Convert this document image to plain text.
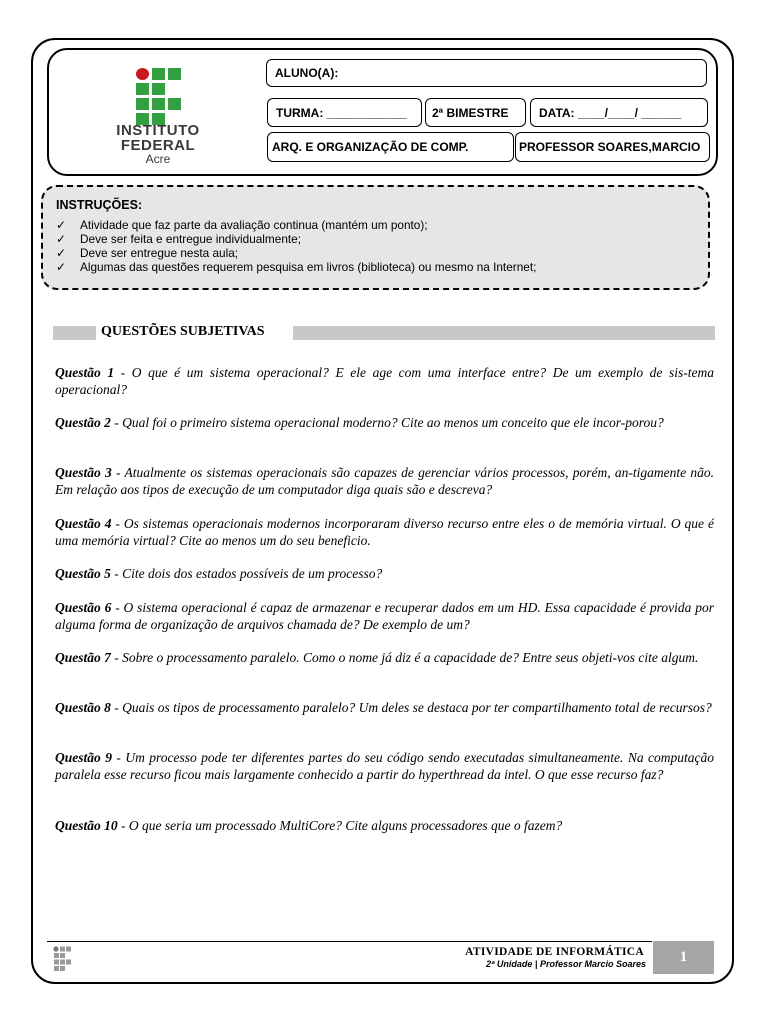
INSTITUTO
FEDERAL
Acre
ALUNO(A):
TURMA: ____________ 2ª BIMESTRE	DATA: ____/____/ ______
ARQ. E ORGANIZAÇÃO DE COMP.	PROFESSOR SOARES,MARCIO
INSTRUÇÕES:
✓ Atividade que faz parte da avaliação continua (mantém um ponto);
✓ Deve ser feita e entregue individualmente;
✓ Deve ser entregue nesta aula;
✓ Algumas das questões requerem pesquisa em livros (biblioteca) ou mesmo na Internet;
QUESTÕES SUBJETIVAS

Questão 1 - O que é um sistema operacional? E ele age com uma interface entre? De um exemplo de sis-tema operacional?

Questão 2 - Qual foi o primeiro sistema operacional moderno? Cite ao menos um conceito que ele incor-porou?

Questão 3 - Atualmente os sistemas operacionais são capazes de gerenciar vários processos, porém, an-tigamente não. Em relação aos tipos de execução de um computador diga quais são e descreva?

Questão 4 - Os sistemas operacionais modernos incorporaram diverso recurso entre eles o de memória virtual. O que é uma memória virtual? Cite ao menos um do seu beneficio.

Questão 5 - Cite dois dos estados possíveis de um processo?

Questão 6 - O sistema operacional é capaz de armazenar e recuperar dados em um HD. Essa capacidade é provida por alguma forma de organização de arquivos chamada de? De exemplo de um?

Questão 7 - Sobre o processamento paralelo. Como o nome já diz é a capacidade de? Entre seus objeti-vos cite algum.

Questão 8 - Quais os tipos de processamento paralelo? Um deles se destaca por ter compartilhamento total de recursos?

Questão 9 - Um processo pode ter diferentes partes do seu código sendo executadas simultaneamente. Na computação paralela esse recurso ficou mais largamente conhecido a partir do hyperthread da intel. O que esse recurso faz?

Questão 10 - O que seria um processado MultiCore? Cite alguns processadores que o fazem?

ATIVIDADE DE INFORMÁTICA
2ª Unidade | Professor Marcio Soares	1
